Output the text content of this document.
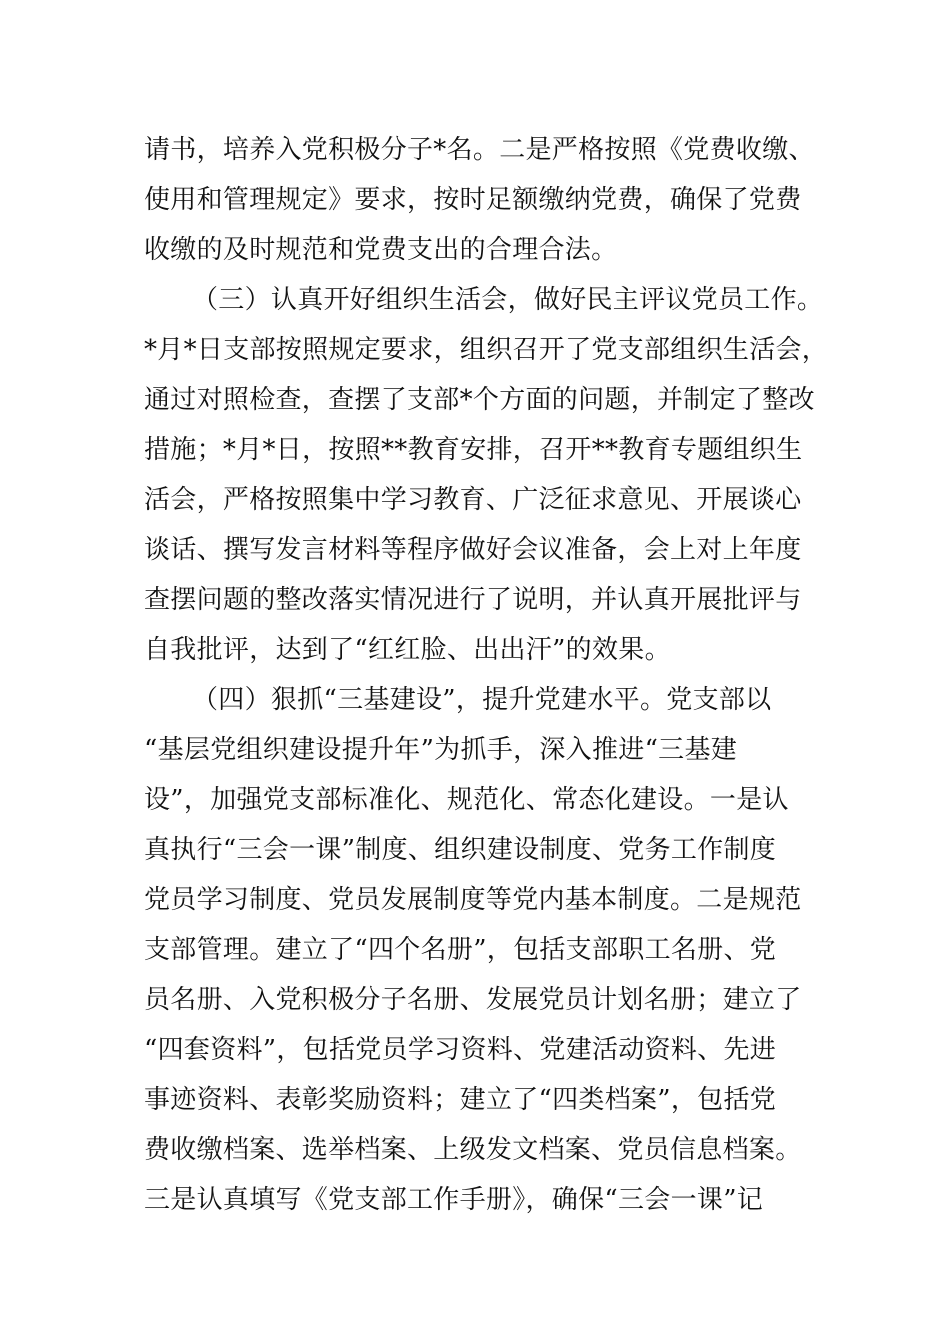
请书，培养入党积极分子*名。二是严格按照《党费收缴、
使用和管理规定》要求，按时足额缴纳党费，确保了党费
收缴的及时规范和党费支出的合理合法。
（三）认真开好组织生活会，做好民主评议党员工作。
*月*日支部按照规定要求，组织召开了党支部组织生活会，
通过对照检查，查摆了支部*个方面的问题，并制定了整改
措施；*月*日，按照**教育安排，召开**教育专题组织生
活会，严格按照集中学习教育、广泛征求意见、开展谈心
谈话、撰写发言材料等程序做好会议准备，会上对上年度
查摆问题的整改落实情况进行了说明，并认真开展批评与
自我批评，达到了“红红脸、出出汗”的效果。
（四）狠抓“三基建设”，提升党建水平。党支部以
“基层党组织建设提升年”为抓手，深入推进“三基建
设”，加强党支部标准化、规范化、常态化建设。一是认
真执行“三会一课”制度、组织建设制度、党务工作制度
党员学习制度、党员发展制度等党内基本制度。二是规范
支部管理。建立了“四个名册”，包括支部职工名册、党
员名册、入党积极分子名册、发展党员计划名册；建立了
“四套资料”，包括党员学习资料、党建活动资料、先进
事迹资料、表彰奖励资料；建立了“四类档案”，包括党
费收缴档案、选举档案、上级发文档案、党员信息档案。
三是认真填写《党支部工作手册》，确保“三会一课”记
